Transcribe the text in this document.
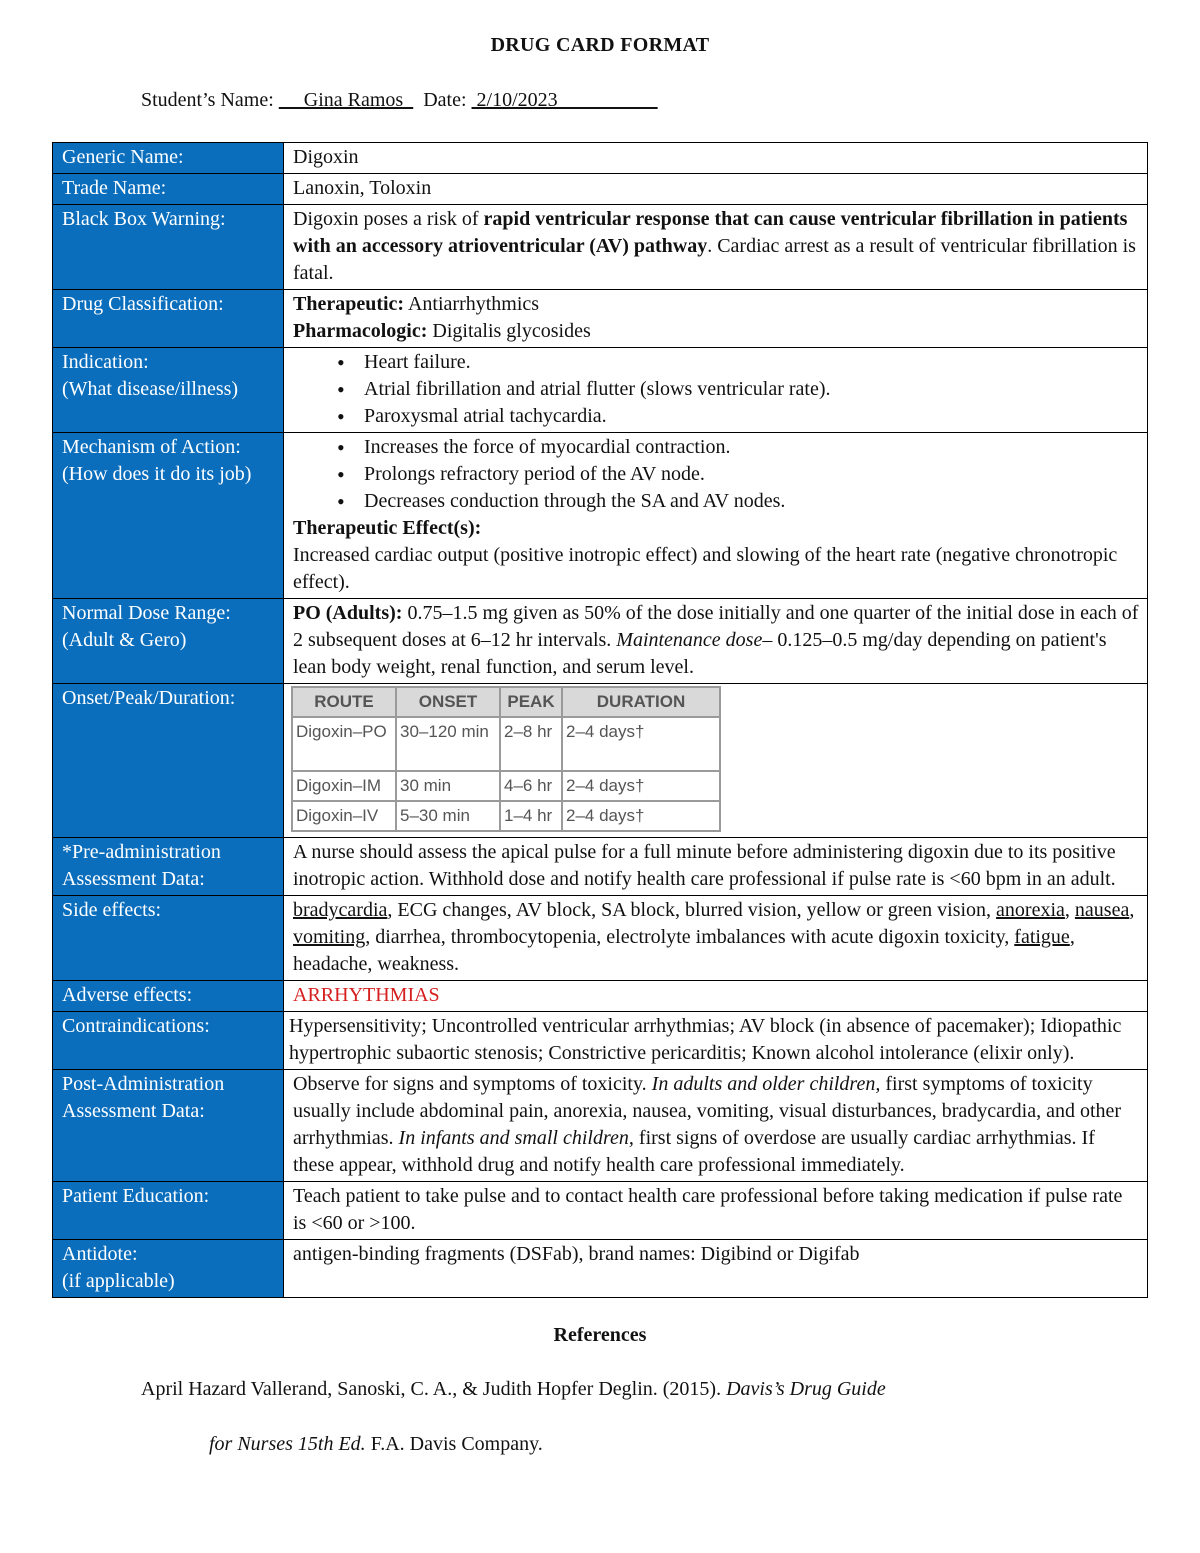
DRUG CARD FORMAT
Student’s Name:      Gina Ramos    Date:  2/10/2023
Generic Name:	Digoxin
Trade Name:	Lanoxin, Toloxin
Black Box Warning:	Digoxin poses a risk of rapid ventricular response that can cause ventricular fibrillation in patients with an accessory atrioventricular (AV) pathway. Cardiac arrest as a result of ventricular fibrillation is fatal.
Drug Classification:	Therapeutic: Antiarrhythmics
Pharmacologic: Digitalis glycosides

Indication:
(What disease/illness)

• Heart failure.
• Atrial fibrillation and atrial flutter (slows ventricular rate).
• Paroxysmal atrial tachycardia.

Mechanism of Action: (How does it do its job)	
• Increases the force of myocardial contraction.
• Prolongs refractory period of the AV node.
• Decreases conduction through the SA and AV nodes.
Therapeutic Effect(s):
Increased cardiac output (positive inotropic effect) and slowing of the heart rate (negative chronotropic effect).

Normal Dose Range:
(Adult & Gero)
	PO (Adults): 0.75–1.5 mg given as 50% of the dose initially and one quarter of the initial dose in each of 2 subsequent doses at 6–12 hr intervals. Maintenance dose– 0.125–0.5 mg/day depending on patient's lean body weight, renal function, and serum level.
Onset/Peak/Duration:		ROUTE	ONSET	PEAK	DURATION
Digoxin–PO	30–120 min	2–8 hr	2–4 days†
Digoxin–IM	30 min	4–6 hr	2–4 days†
Digoxin–IV	5–30 min	1–4 hr	2–4 days†

*Pre-administration
Assessment Data:
	A nurse should assess the apical pulse for a full minute before administering digoxin due to its positive inotropic action. Withhold dose and notify health care professional if pulse rate is <60 bpm in an adult.
Side effects:	bradycardia, ECG changes, AV block, SA block, blurred vision, yellow or green vision, anorexia, nausea, vomiting, diarrhea, thrombocytopenia, electrolyte imbalances with acute digoxin toxicity, fatigue, headache, weakness.
Adverse effects:	ARRHYTHMIAS
Contraindications:	Hypersensitivity; Uncontrolled ventricular arrhythmias; AV block (in absence of pacemaker); Idiopathic hypertrophic subaortic stenosis; Constrictive pericarditis; Known alcohol intolerance (elixir only).

Post-Administration
Assessment Data:
	Observe for signs and symptoms of toxicity. In adults and older children, first symptoms of toxicity usually include abdominal pain, anorexia, nausea, vomiting, visual disturbances, bradycardia, and other arrhythmias. In infants and small children, first signs of overdose are usually cardiac arrhythmias. If these appear, withhold drug and notify health care professional immediately.
Patient Education:	Teach patient to take pulse and to contact health care professional before taking medication if pulse rate is <60 or >100.

Antidote:
(if applicable)
	antigen-binding fragments (DSFab), brand names: Digibind or Digifab
References
April Hazard Vallerand, Sanoski, C. A., & Judith Hopfer Deglin. (2015). Davis’s Drug Guide
for Nurses 15th Ed. F.A. Davis Company.
